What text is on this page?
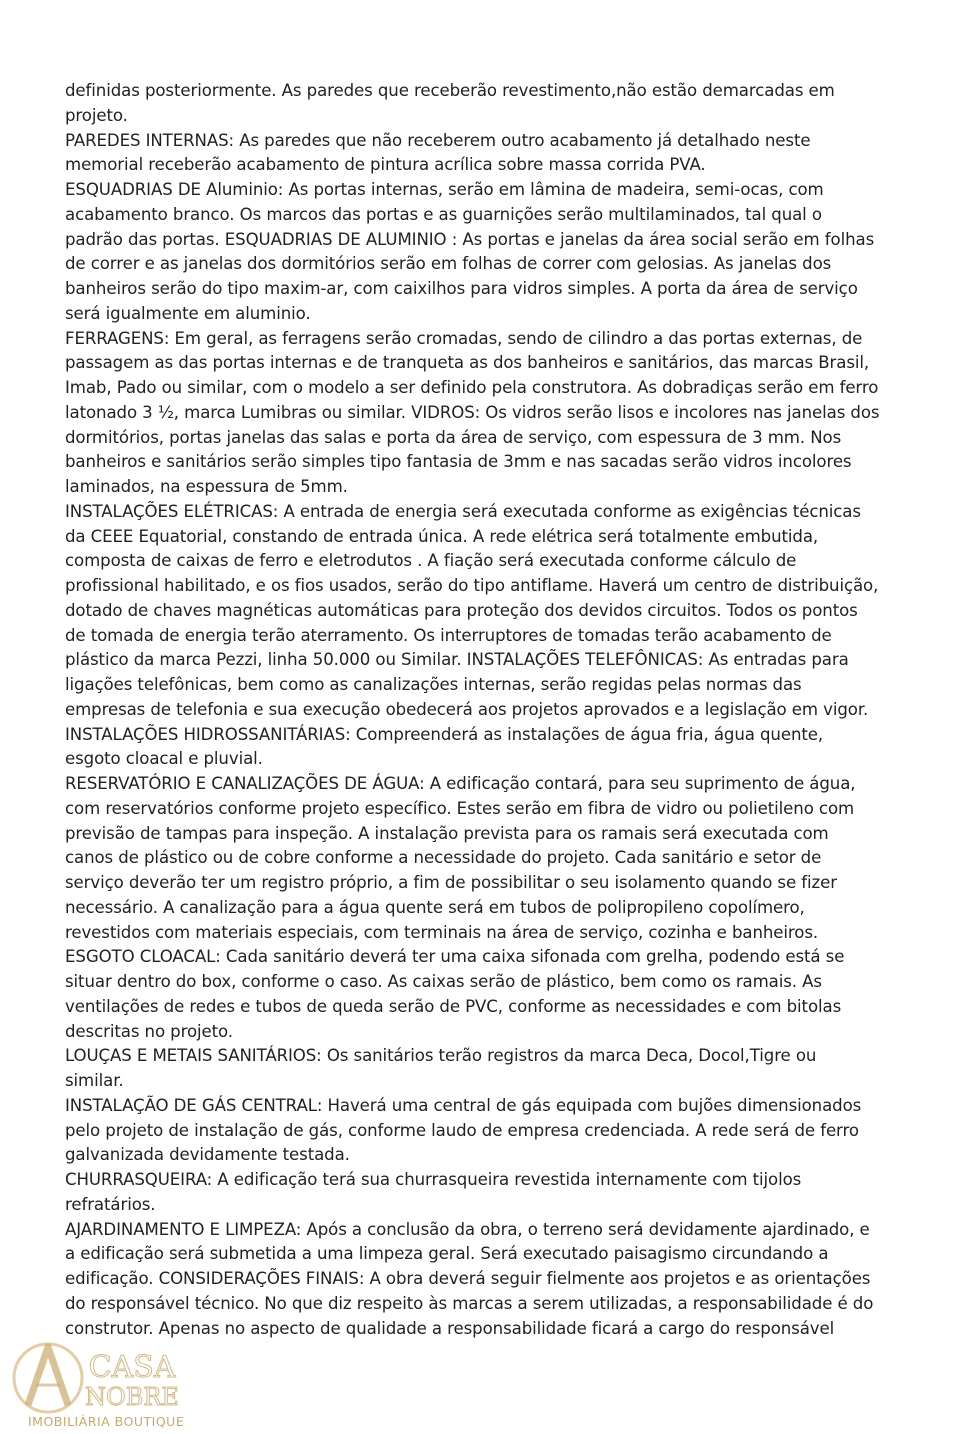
definidas posteriormente. As paredes que receberão revestimento,não estão demarcadas em projeto.

PAREDES INTERNAS: As paredes que não receberem outro acabamento já detalhado neste memorial receberão acabamento de pintura acrílica sobre massa corrida PVA.

ESQUADRIAS DE Aluminio: As portas internas, serão em lâmina de madeira, semi-ocas, com acabamento branco. Os marcos das portas e as guarnições serão multilaminados, tal qual o padrão das portas. ESQUADRIAS DE ALUMINIO : As portas e janelas da área social serão em folhas de correr e as janelas dos dormitórios serão em folhas de correr com gelosias. As janelas dos banheiros serão do tipo maxim-ar, com caixilhos para vidros simples. A porta da área de serviço será igualmente em aluminio.

FERRAGENS: Em geral, as ferragens serão cromadas, sendo de cilindro a das portas externas, de passagem as das portas internas e de tranqueta as dos banheiros e sanitários, das marcas Brasil, Imab, Pado ou similar, com o modelo a ser definido pela construtora. As dobradiças serão em ferro latonado 3 ½, marca Lumibras ou similar. VIDROS: Os vidros serão lisos e incolores nas janelas dos dormitórios, portas janelas das salas e porta da área de serviço, com espessura de 3 mm. Nos banheiros e sanitários serão simples tipo fantasia de 3mm e nas sacadas serão vidros incolores laminados, na espessura de 5mm.

INSTALAÇÕES ELÉTRICAS: A entrada de energia será executada conforme as exigências técnicas da CEEE Equatorial, constando de entrada única. A rede elétrica será totalmente embutida, composta de caixas de ferro e eletrodutos . A fiação será executada conforme cálculo de profissional habilitado, e os fios usados, serão do tipo antiflame. Haverá um centro de distribuição, dotado de chaves magnéticas automáticas para proteção dos devidos circuitos. Todos os pontos de tomada de energia terão aterramento. Os interruptores de tomadas terão acabamento de plástico da marca Pezzi, linha 50.000 ou Similar. INSTALAÇÕES TELEFÔNICAS: As entradas para ligações telefônicas, bem como as canalizações internas, serão regidas pelas normas das empresas de telefonia e sua execução obedecerá aos projetos aprovados e a legislação em vigor.

INSTALAÇÕES HIDROSSANITÁRIAS: Compreenderá as instalações de água fria, água quente, esgoto cloacal e pluvial.

RESERVATÓRIO E CANALIZAÇÕES DE ÁGUA: A edificação contará, para seu suprimento de água, com reservatórios conforme projeto específico. Estes serão em fibra de vidro ou polietileno com previsão de tampas para inspeção. A instalação prevista para os ramais será executada com canos de plástico ou de cobre conforme a necessidade do projeto. Cada sanitário e setor de serviço deverão ter um registro próprio, a fim de possibilitar o seu isolamento quando se fizer necessário. A canalização para a água quente será em tubos de polipropileno copolímero, revestidos com materiais especiais, com terminais na área de serviço, cozinha e banheiros.

ESGOTO CLOACAL: Cada sanitário deverá ter uma caixa sifonada com grelha, podendo está se situar dentro do box, conforme o caso. As caixas serão de plástico, bem como os ramais. As ventilações de redes e tubos de queda serão de PVC, conforme as necessidades e com bitolas descritas no projeto.

LOUÇAS E METAIS SANITÁRIOS: Os sanitários terão registros da marca Deca, Docol,Tigre ou similar.

INSTALAÇÃO DE GÁS CENTRAL: Haverá uma central de gás equipada com bujões dimensionados pelo projeto de instalação de gás, conforme laudo de empresa credenciada. A rede será de ferro galvanizada devidamente testada.

CHURRASQUEIRA: A edificação terá sua churrasqueira revestida internamente com tijolos refratários.

AJARDINAMENTO E LIMPEZA: Após a conclusão da obra, o terreno será devidamente ajardinado, e a edificação será submetida a uma limpeza geral. Será executado paisagismo circundando a edificação. CONSIDERAÇÕES FINAIS: A obra deverá seguir fielmente aos projetos e as orientações do responsável técnico. No que diz respeito às marcas a serem utilizadas, a responsabilidade é do construtor. Apenas no aspecto de qualidade a responsabilidade ficará a cargo do responsável

CASA
NOBRE
IMOBILIÁRIA BOUTIQUE
